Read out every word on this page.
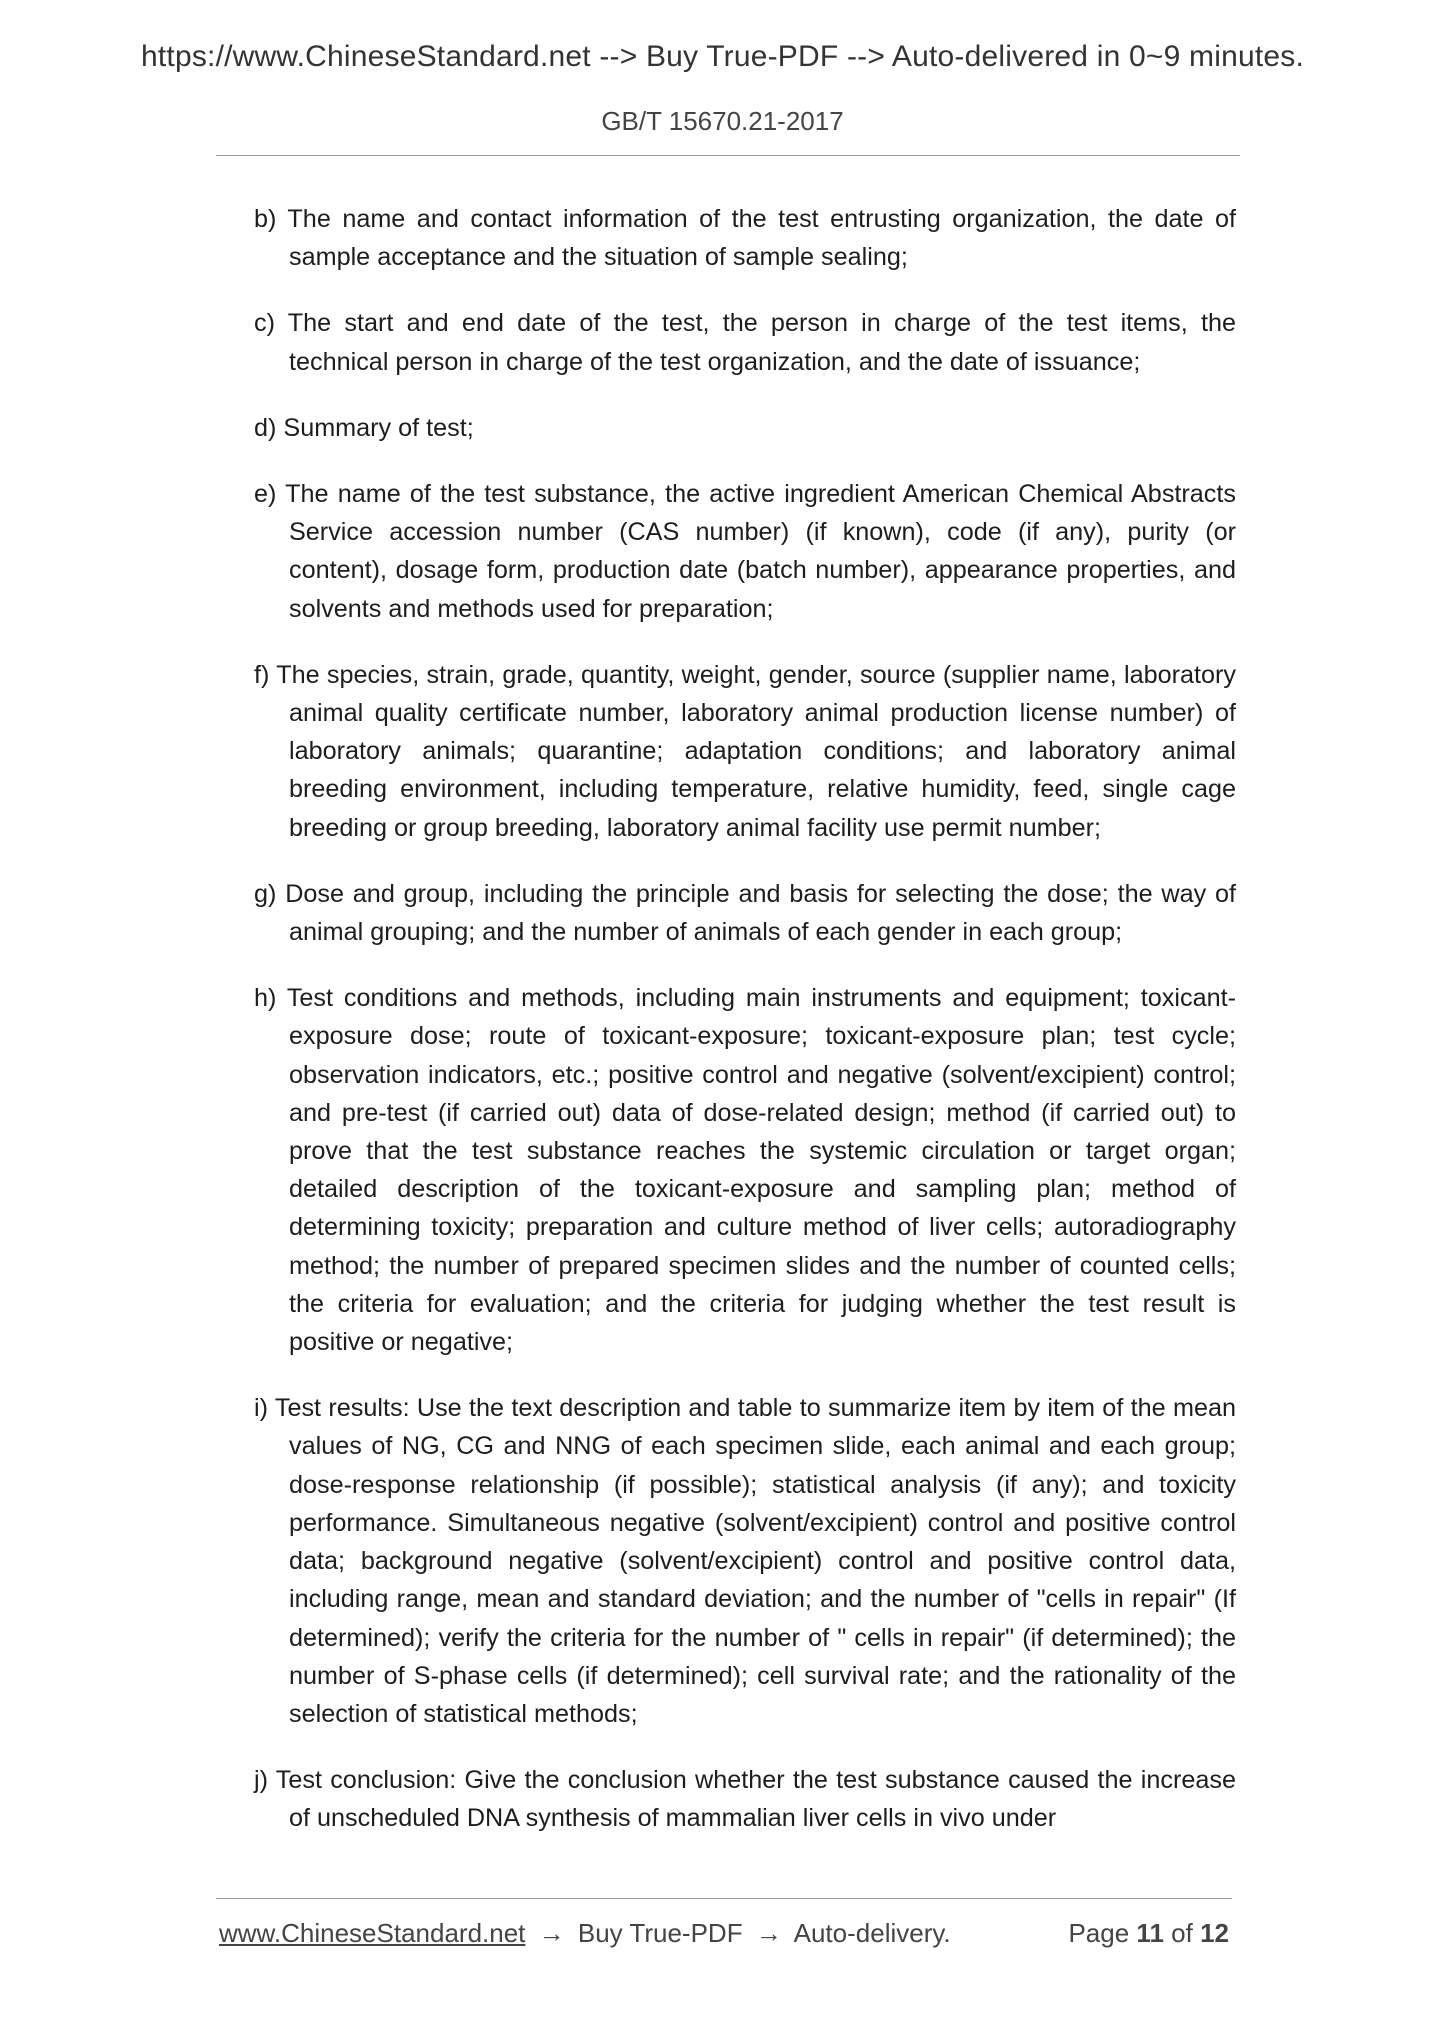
https://www.ChineseStandard.net --> Buy True-PDF --> Auto-delivered in 0~9 minutes.
GB/T 15670.21-2017

b) The name and contact information of the test entrusting organization, the date of sample acceptance and the situation of sample sealing;

c) The start and end date of the test, the person in charge of the test items, the technical person in charge of the test organization, and the date of issuance;

d) Summary of test;

e) The name of the test substance, the active ingredient American Chemical Abstracts Service accession number (CAS number) (if known), code (if any), purity (or content), dosage form, production date (batch number), appearance properties, and solvents and methods used for preparation;

f) The species, strain, grade, quantity, weight, gender, source (supplier name, laboratory animal quality certificate number, laboratory animal production license number) of laboratory animals; quarantine; adaptation conditions; and laboratory animal breeding environment, including temperature, relative humidity, feed, single cage breeding or group breeding, laboratory animal facility use permit number;

g) Dose and group, including the principle and basis for selecting the dose; the way of animal grouping; and the number of animals of each gender in each group;

h) Test conditions and methods, including main instruments and equipment; toxicant-exposure dose; route of toxicant-exposure; toxicant-exposure plan; test cycle; observation indicators, etc.; positive control and negative (solvent/excipient) control; and pre-test (if carried out) data of dose-related design; method (if carried out) to prove that the test substance reaches the systemic circulation or target organ; detailed description of the toxicant-exposure and sampling plan; method of determining toxicity; preparation and culture method of liver cells; autoradiography method; the number of prepared specimen slides and the number of counted cells; the criteria for evaluation; and the criteria for judging whether the test result is positive or negative;

i) Test results: Use the text description and table to summarize item by item of the mean values of NG, CG and NNG of each specimen slide, each animal and each group; dose-response relationship (if possible); statistical analysis (if any); and toxicity performance. Simultaneous negative (solvent/excipient) control and positive control data; background negative (solvent/excipient) control and positive control data, including range, mean and standard deviation; and the number of "cells in repair" (If determined); verify the criteria for the number of " cells in repair" (if determined); the number of S-phase cells (if determined); cell survival rate; and the rationality of the selection of statistical methods;

j) Test conclusion: Give the conclusion whether the test substance caused the increase of unscheduled DNA synthesis of mammalian liver cells in vivo under

www.ChineseStandard.net → Buy True-PDF → Auto-delivery.	Page 11 of 12
